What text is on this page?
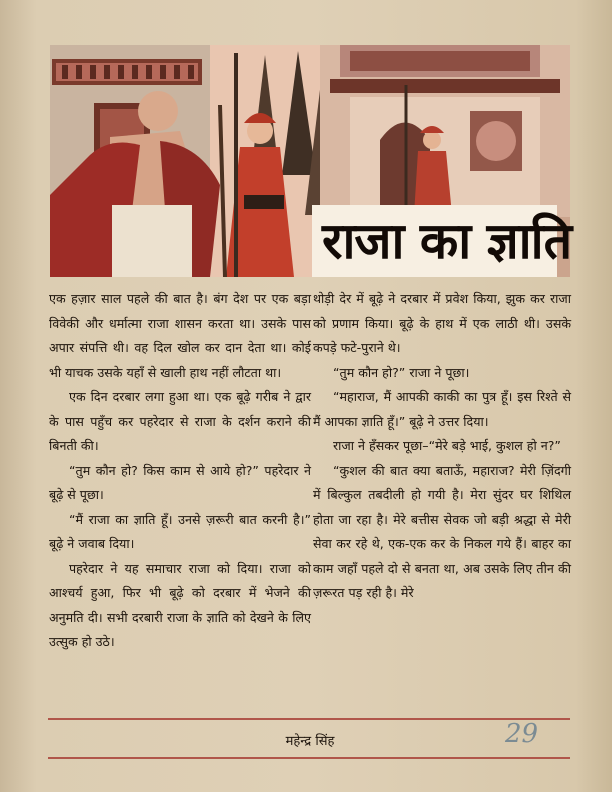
राजा का ज्ञाति

एक हज़ार साल पहले की बात है। बंग देश पर एक बड़ा विवेकी और धर्मात्मा राजा शासन करता था। उसके पास अपार संपत्ति थी। वह दिल खोल कर दान देता था। कोई भी याचक उसके यहाँ से खाली हाथ नहीं लौटता था।

एक दिन दरबार लगा हुआ था। एक बूढ़े गरीब ने द्वार के पास पहुँच कर पहरेदार से राजा के दर्शन कराने की बिनती की।

“तुम कौन हो? किस काम से आये हो?” पहरेदार ने बूढ़े से पूछा।

“मैं राजा का ज्ञाति हूँ। उनसे ज़रूरी बात करनी है।” बूढ़े ने जवाब दिया।

पहरेदार ने यह समाचार राजा को दिया। राजा को आश्चर्य हुआ, फिर भी बूढ़े को दरबार में भेजने की अनुमति दी। सभी दरबारी राजा के ज्ञाति को देखने के लिए उत्सुक हो उठे।

थोड़ी देर में बूढ़े ने दरबार में प्रवेश किया, झुक कर राजा को प्रणाम किया। बूढ़े के हाथ में एक लाठी थी। उसके कपड़े फटे-पुराने थे।

“तुम कौन हो?” राजा ने पूछा।

“महाराज, मैं आपकी काकी का पुत्र हूँ। इस रिश्ते से मैं आपका ज्ञाति हूँ।” बूढ़े ने उत्तर दिया।

राजा ने हँसकर पूछा–“मेरे बड़े भाई, कुशल हो न?”

“कुशल की बात क्या बताऊँ, महाराज? मेरी ज़िंदगी में बिल्कुल तबदीली हो गयी है। मेरा सुंदर घर शिथिल होता जा रहा है। मेरे बत्तीस सेवक जो बड़ी श्रद्धा से मेरी सेवा कर रहे थे, एक-एक कर के निकल गये हैं। बाहर का काम जहाँ पहले दो से बनता था, अब उसके लिए तीन की ज़रूरत पड़ रही है। मेरे

महेन्द्र सिंह	29
